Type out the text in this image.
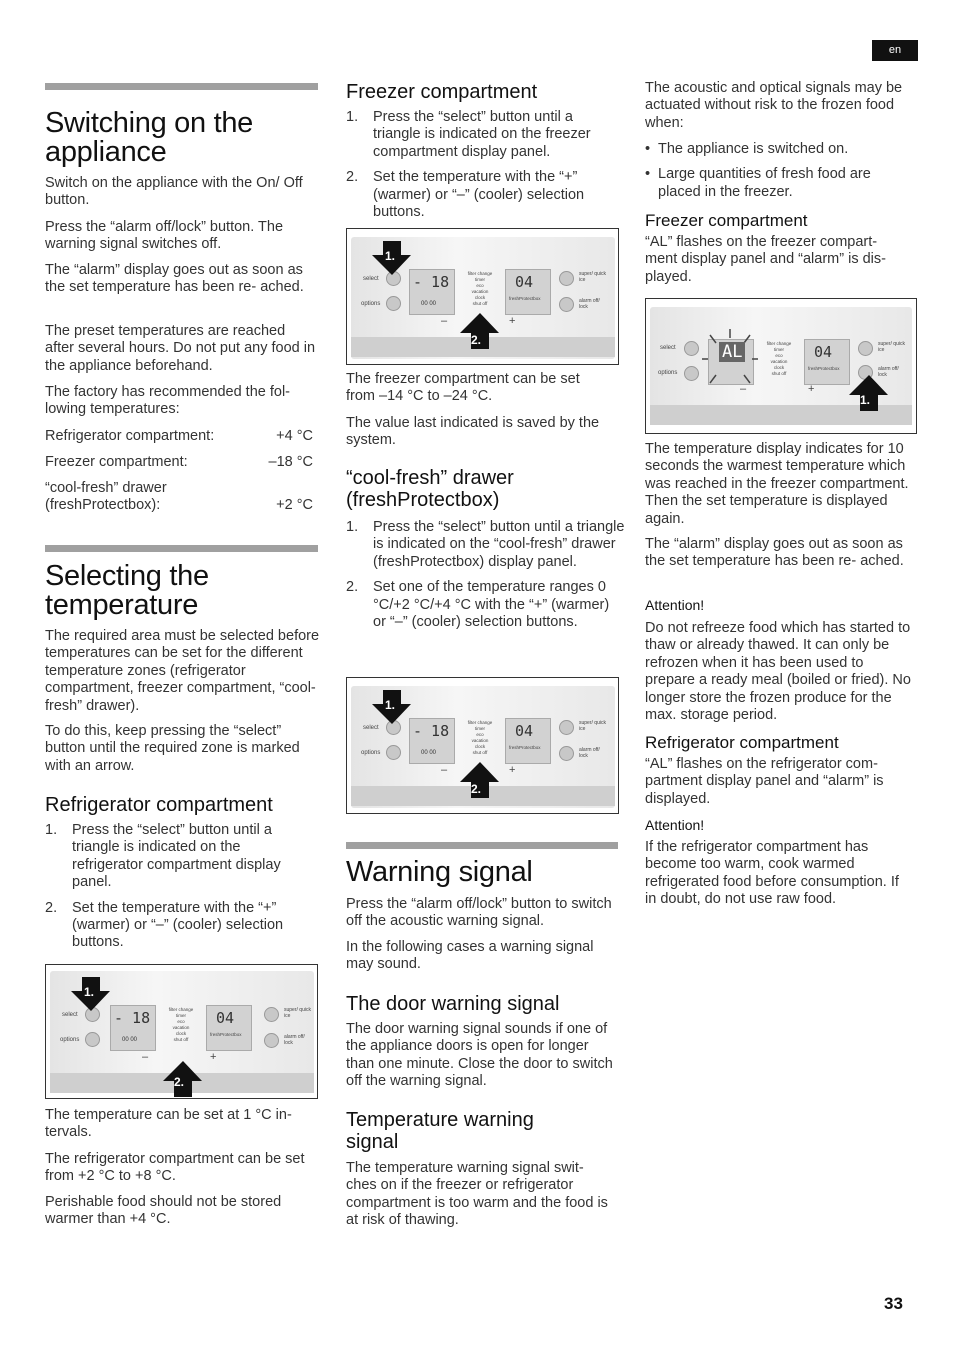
en
Switching on the appliance

Switch on the appliance with the On/ Off button.

Press the “alarm off/lock” button. The warning signal switches off.

The “alarm” display goes out as soon as the set temperature has been re- ached.

The preset temperatures are reached after several hours. Do not put any food in the appliance beforehand.

The factory has recommended the fol- lowing temperatures:

Refrigerator compartment:	+4 °C
Freezer compartment:	–18 °C
“cool-fresh” drawer (freshProtectbox):	+2 °C
Selecting the temperature

The required area must be selected before temperatures can be set for the different temperature zones (refrigerator compartment, freezer compartment, “cool-fresh” drawer).

To do this, keep pressing the “select” button until the required zone is marked with an arrow.

Refrigerator compartment
1. Press the “select” button until a triangle is indicated on the refrigerator compartment display panel.
2. Set the temperature with the “+” (warmer) or “–” (cooler) selection buttons.
select
options
- 18
00 00
filter change
timer
eco
vacation
clock
shut off
04
freshProtectbox
–	+
super/ quick ice
alarm off/ lock
1.
2.

The temperature can be set at 1 °C in- tervals.

The refrigerator compartment can be set from +2 °C to +8 °C.

Perishable food should not be stored warmer than +4 °C.

Freezer compartment
1. Press the “select” button until a triangle is indicated on the freezer compartment display panel.
2. Set the temperature with the “+” (warmer) or “–” (cooler) selection buttons.
select
options
- 18
00 00
filter change
timer
eco
vacation
clock
shut off
04
freshProtectbox
–	+
super/ quick ice
alarm off/ lock
1.
2.

The freezer compartment can be set from –14 °C to –24 °C.

The value last indicated is saved by the system.

“cool-fresh” drawer (freshProtectbox)
1. Press the “select” button until a triangle is indicated on the “cool-fresh” drawer (freshProtectbox) display panel.
2. Set one of the temperature ranges 0 °C/+2 °C/+4 °C with the “+” (warmer) or “–” (cooler) selection buttons.
select
options
- 18
00 00
filter change
timer
eco
vacation
clock
shut off
04
freshProtectbox
–	+
super/ quick ice
alarm off/ lock
1.
2.
Warning signal

Press the “alarm off/lock” button to switch off the acoustic warning signal.

In the following cases a warning signal may sound.

The door warning signal

The door warning signal sounds if one of the appliance doors is open for longer than one minute. Close the door to switch off the warning signal.

Temperature warning signal

The temperature warning signal swit- ches on if the freezer or refrigerator compartment is too warm and the food is at risk of thawing.

The acoustic and optical signals may be actuated without risk to the frozen food when:

• The appliance is switched on.
• Large quantities of fresh food are placed in the freezer.
Freezer compartment

“AL” flashes on the freezer compart- ment display panel and “alarm” is dis- played.

select
options
AL	filter change
timer
eco
vacation
clock
shut off
04
freshProtectbox
–	+
super/ quick ice
alarm off/ lock
1.

The temperature display indicates for 10 seconds the warmest temperature which was reached in the freezer compartment. Then the set temperature is displayed again.

The “alarm” display goes out as soon as the set temperature has been re- ached.

Attention!

Do not refreeze food which has started to thaw or already thawed. It can only be refrozen when it has been used to prepare a ready meal (boiled or fried). No longer store the frozen produce for the max. storage period.

Refrigerator compartment

“AL” flashes on the refrigerator com- partment display panel and “alarm” is displayed.

Attention!

If the refrigerator compartment has become too warm, cook warmed refrigerated food before consumption. If in doubt, do not use raw food.

33
